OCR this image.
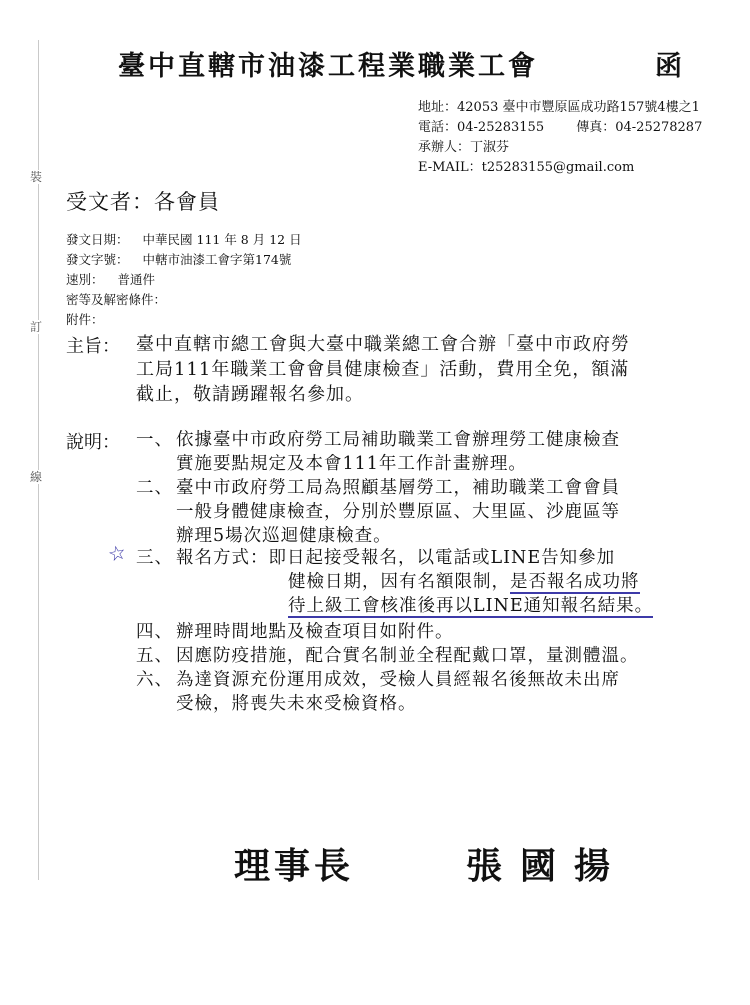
裝
訂
線
臺中直轄市油漆工程業職業工會	函
地址：42053 臺中市豐原區成功路157號4樓之1
電話：04-25283155 傳真：04-25278287
承辦人：丁淑芬
E-MAIL：t25283155@gmail.com
受文者：各會員
發文日期： 中華民國 111 年 8 月 12 日
發文字號： 中轄市油漆工會字第174號
速別： 普通件
密等及解密條件：
附件：
主旨： 臺中直轄市總工會與大臺中職業總工會合辦「臺中市政府勞
工局111年職業工會會員健康檢查」活動，費用全免，額滿
截止，敬請踴躍報名參加。
說明： 一、 依據臺中市政府勞工局補助職業工會辦理勞工健康檢查
實施要點規定及本會111年工作計畫辦理。
二、 臺中市政府勞工局為照顧基層勞工，補助職業工會會員
一般身體健康檢查，分別於豐原區、大里區、沙鹿區等
辦理5場次巡迴健康檢查。
☆ 三、 報名方式：即日起接受報名，以電話或LINE告知參加
健檢日期，因有名額限制，是否報名成功將
待上級工會核准後再以LINE通知報名結果。
四、 辦理時間地點及檢查項目如附件。
五、 因應防疫措施，配合實名制並全程配戴口罩，量測體溫。
六、 為達資源充份運用成效，受檢人員經報名後無故未出席
受檢，將喪失未來受檢資格。
理事長	張國揚
